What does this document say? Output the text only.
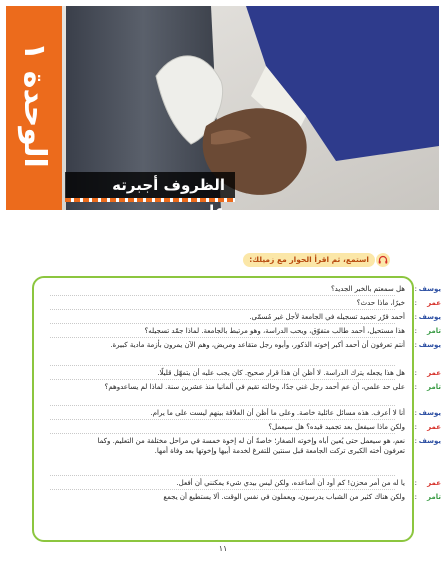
الوحدة ١
الظروف أجبرته على...
استمع، ثم اقرأ الحوار مع زميلك:
يوسف
:
هل سمعتم بالخبر الجديد؟
عمر
:
خيرًا، ماذا حدث؟
يوسف
:
أحمد قرّر تجميد تسجيله في الجامعة لأجل غير مُسمّى.
تامر
:
هذا مستحيل، أحمد طالب متفوّق، ويحب الدراسة، وهو مرتبط بالجامعة. لماذا جمّد تسجيله؟
يوسف
:
أنتم تعرفون أن أحمد أكبر إخوته الذكور، وأبوه رجل متقاعد ومريض، وهم الآن يمرون بأزمة مادية كبيرة.
عمر
:
هل هذا يجعله يترك الدراسة. لا أظن أن هذا قرار صحيح. كان يجب عليه أن يتمهّل قليلًا.
تامر
:
على حد علمي، أن عم أحمد رجل غني جدًا، وخالته تقيم في ألمانيا منذ عشرين سنة. لماذا لم يساعدوهم؟
يوسف
:
أنا لا أعرف. هذه مسائل عائلية خاصة. وعلى ما أظن أن العلاقة بينهم ليست على ما يرام.
عمر
:
ولكن ماذا سيفعل بعد تجميد قيده؟ هل سيعمل؟
يوسف
:
نعم، هو سيعمل حتى يُعين أباه وإخوته الصغار؛ خاصةً أن له إخوة خمسة في مراحل مختلفة من التعليم. وكما تعرفون أخته الكبرى تركت الجامعة قبل سنتين للتفرغ لخدمة أبيها وإخوتها بعد وفاة أمها.
عمر
:
يا له من أمر محزن! كم أود أن أساعده، ولكن ليس بيدي شيء يمكنني أن أفعل.
تامر
:
ولكن هناك كثير من الشباب يدرسون، ويعملون في نفس الوقت. ألا يستطيع أن يجمع
١١
